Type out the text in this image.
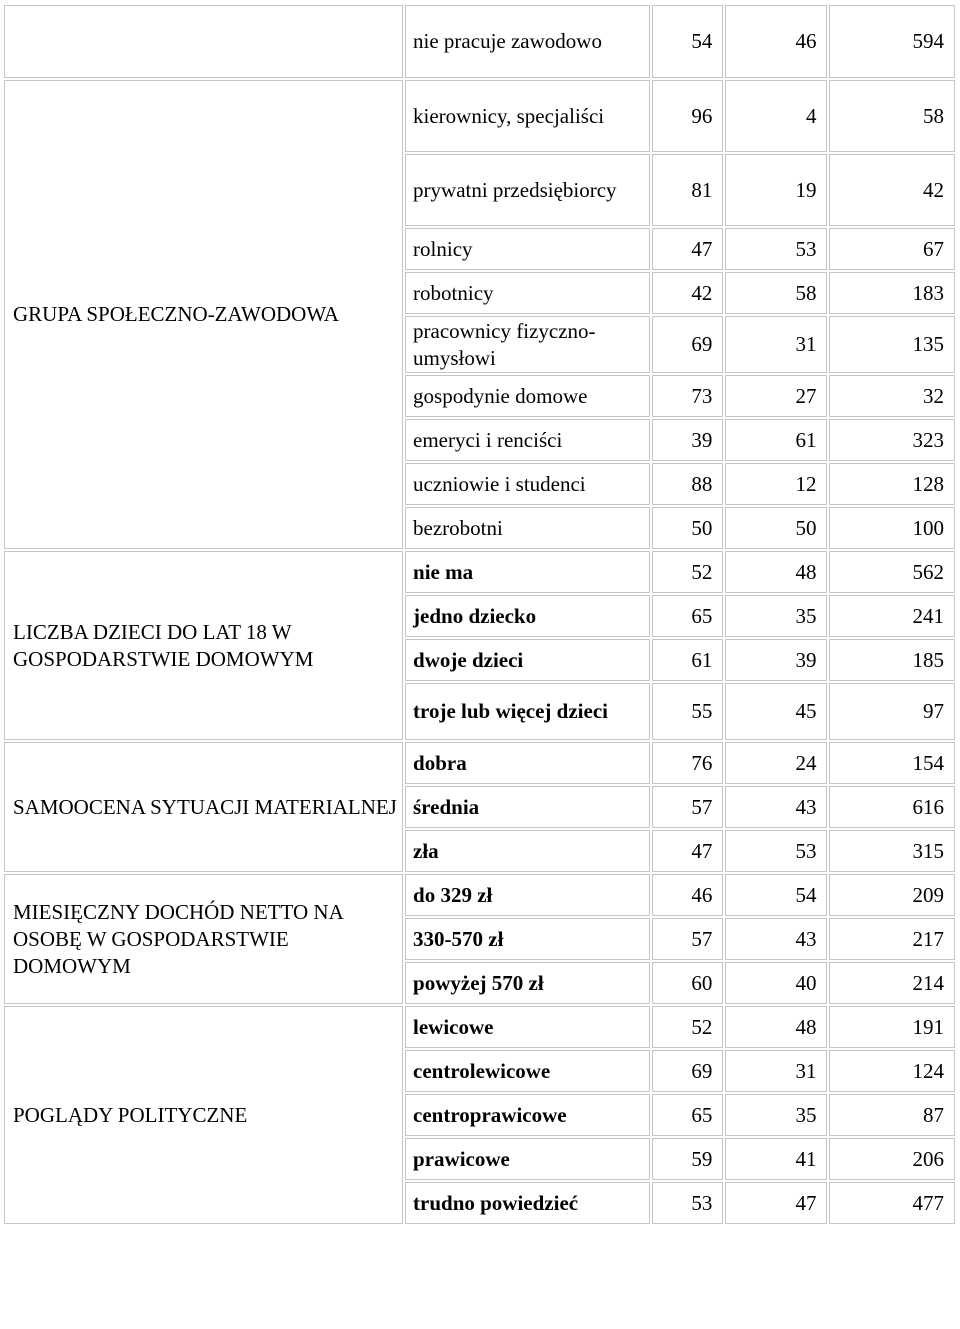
	nie pracuje zawodowo	54	46	594
GRUPA SPOŁECZNO-ZAWODOWA	kierownicy, specjaliści	96	4	58
	prywatni przedsiębiorcy	81	19	42
	rolnicy	47	53	67
	robotnicy	42	58	183
	pracownicy fizyczno-umysłowi	69	31	135
	gospodynie domowe	73	27	32
	emeryci i renciści	39	61	323
	uczniowie i studenci	88	12	128
	bezrobotni	50	50	100
LICZBA DZIECI DO LAT 18 W GOSPODARSTWIE DOMOWYM	nie ma	52	48	562
	jedno dziecko	65	35	241
	dwoje dzieci	61	39	185
	troje lub więcej dzieci	55	45	97
SAMOOCENA SYTUACJI MATERIALNEJ	dobra	76	24	154
	średnia	57	43	616
	zła	47	53	315
MIESIĘCZNY DOCHÓD NETTO NA OSOBĘ W GOSPODARSTWIE DOMOWYM	do 329 zł	46	54	209
	330-570 zł	57	43	217
	powyżej 570 zł	60	40	214
POGLĄDY POLITYCZNE	lewicowe	52	48	191
	centrolewicowe	69	31	124
	centroprawicowe	65	35	87
	prawicowe	59	41	206
	trudno powiedzieć	53	47	477
